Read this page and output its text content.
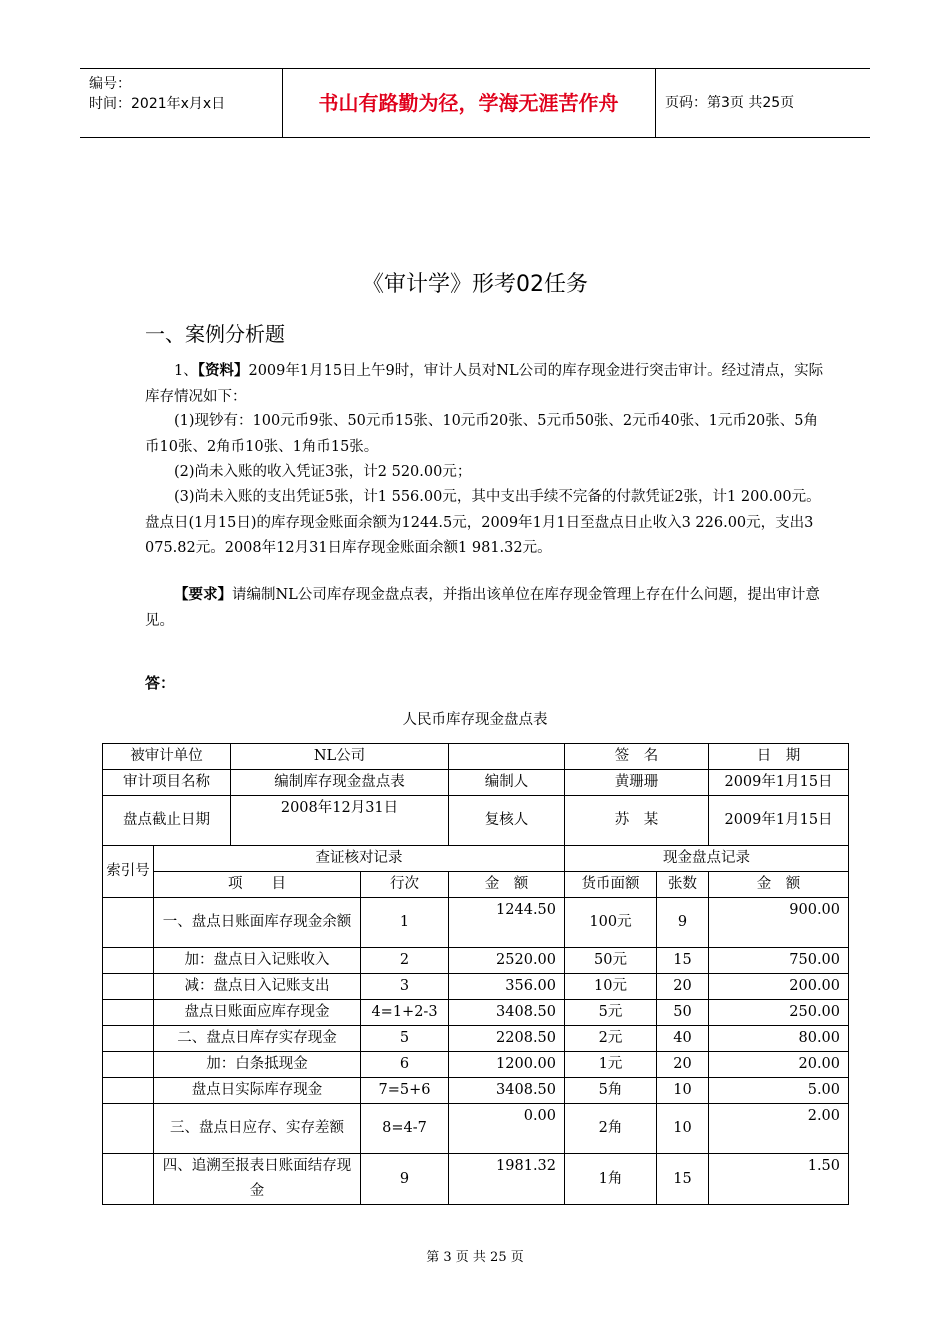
编号：
时间：2021年x月x日	书山有路勤为径，学海无涯苦作舟	页码：第3页 共25页
《审计学》形考02任务
一、案例分析题
1、【资料】2009年1月15日上午9时，审计人员对NL公司的库存现金进行突击审计。经过清点，实际库存情况如下：
(1)现钞有：100元币9张、50元币15张、10元币20张、5元币50张、2元币40张、1元币20张、5角币10张、2角币10张、1角币15张。
(2)尚未入账的收入凭证3张，计2 520.00元；
(3)尚未入账的支出凭证5张，计1 556.00元，其中支出手续不完备的付款凭证2张，计1 200.00元。盘点日(1月15日)的库存现金账面余额为1244.5元，2009年1月1日至盘点日止收入3 226.00元，支出3 075.82元。2008年12月31日库存现金账面余额1 981.32元。
【要求】请编制NL公司库存现金盘点表，并指出该单位在库存现金管理上存在什么问题，提出审计意见。
答：
人民币库存现金盘点表
被审计单位		NL公司			签　名		日　期
审计项目名称		编制库存现金盘点表		编制人	黄珊珊		2009年1月15日
盘点截止日期		2008年12月31日		复核人	苏　某		2009年1月15日
索引号	查证核对记录				现金盘点记录		
	项　　目		行次	金　额	货币面额	张数	金　额
	一、盘点日账面库存现金余额		1	1244.50	100元	9	900.00
	加：盘点日入记账收入		2	2520.00	50元	15	750.00
	减：盘点日入记账支出		3	356.00	10元	20	200.00
	盘点日账面应库存现金		4=1+2-3	3408.50	5元	50	250.00
	二、盘点日库存实存现金		5	2208.50	2元	40	80.00
	加：白条抵现金		6	1200.00	1元	20	20.00
	盘点日实际库存现金		7=5+6	3408.50	5角	10	5.00
	三、盘点日应存、实存差额		8=4-7	0.00	2角	10	2.00
	四、追溯至报表日账面结存现金		9	1981.32	1角	15	1.50
第 3 页 共 25 页
